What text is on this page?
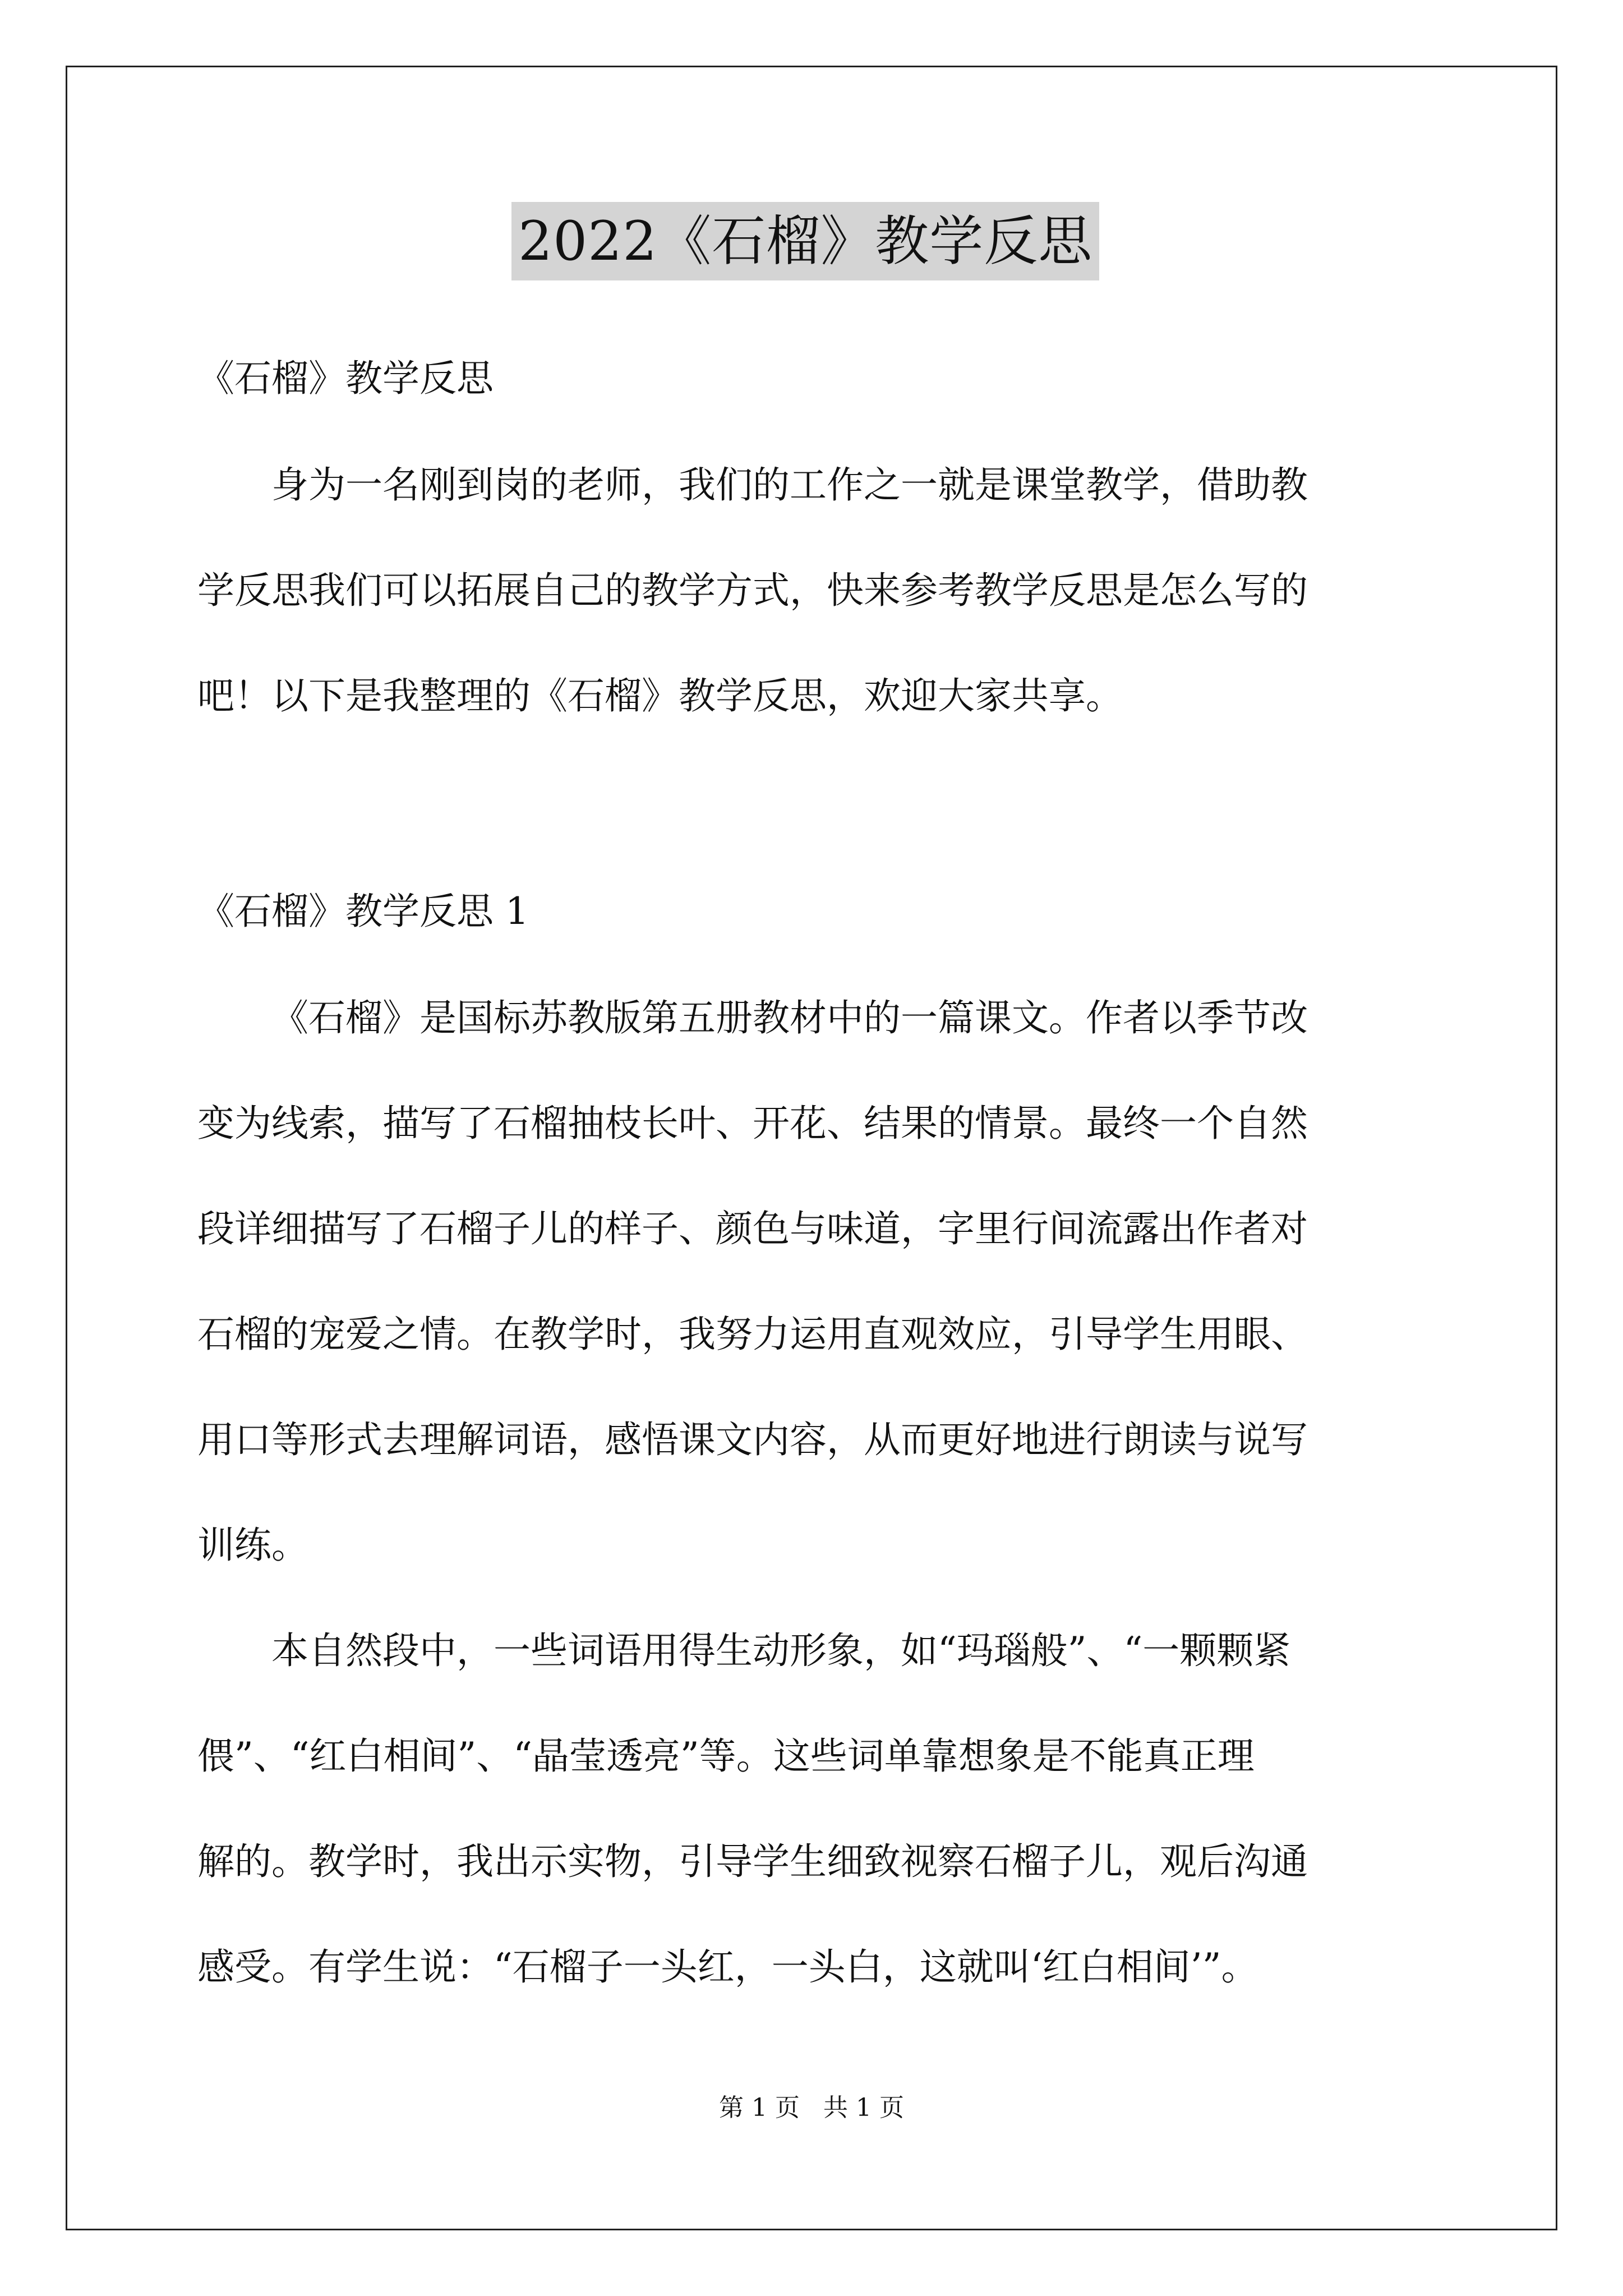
2022《石榴》教学反思
《石榴》教学反思
身为一名刚到岗的老师，我们的工作之一就是课堂教学，借助教
学反思我们可以拓展自己的教学方式，快来参考教学反思是怎么写的
吧！以下是我整理的《石榴》教学反思，欢迎大家共享。
《石榴》教学反思 1
《石榴》是国标苏教版第五册教材中的一篇课文。作者以季节改
变为线索，描写了石榴抽枝长叶、开花、结果的情景。最终一个自然
段详细描写了石榴子儿的样子、颜色与味道，字里行间流露出作者对
石榴的宠爱之情。在教学时，我努力运用直观效应，引导学生用眼、
用口等形式去理解词语，感悟课文内容，从而更好地进行朗读与说写
训练。
本自然段中，一些词语用得生动形象，如“玛瑙般”、“一颗颗紧
偎”、“红白相间”、“晶莹透亮”等。这些词单靠想象是不能真正理
解的。教学时，我出示实物，引导学生细致视察石榴子儿，观后沟通
感受。有学生说：“石榴子一头红，一头白，这就叫‘红白相间’”。
第 1 页   共 1 页
